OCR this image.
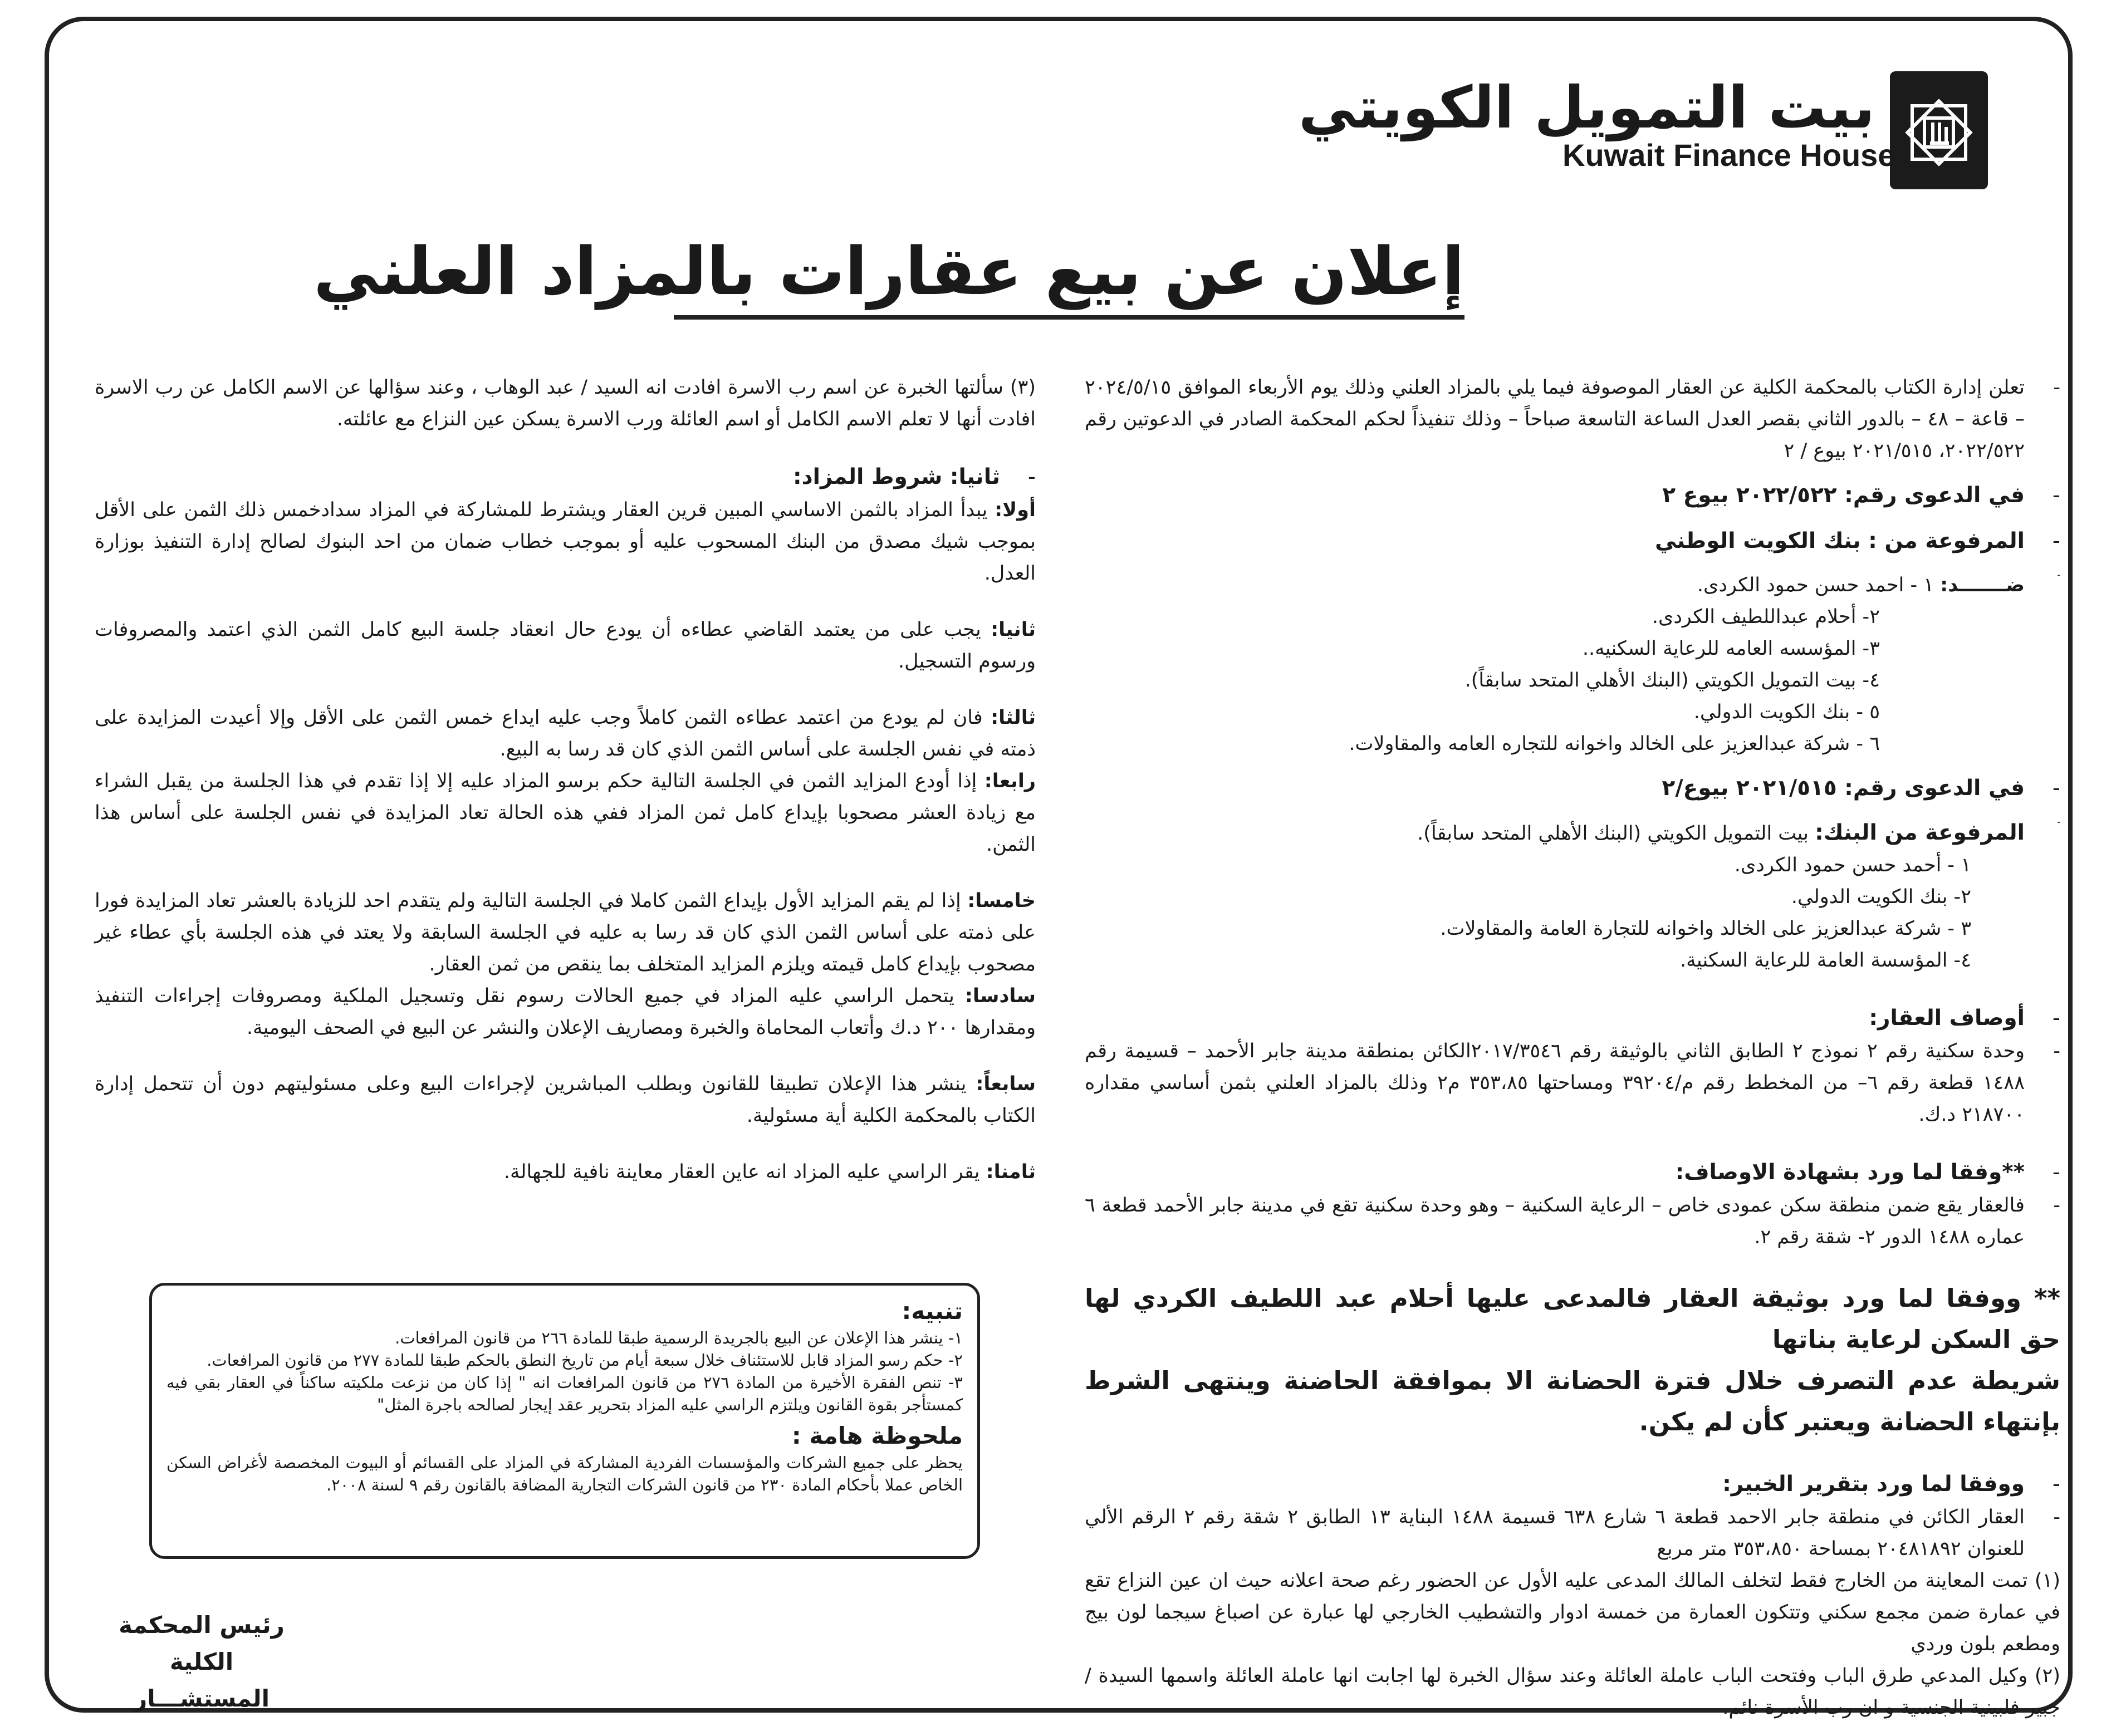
بيت التمويل الكويتي
Kuwait Finance House
إعلان عن بيع عقارات بالمزاد العلني

- تعلن إدارة الكتاب بالمحكمة الكلية عن العقار الموصوفة فيما يلي بالمزاد العلني وذلك يوم الأربعاء الموافق ٢٠٢٤/٥/١٥ – قاعة – ٤٨ – بالدور الثاني بقصر العدل الساعة التاسعة صباحاً – وذلك تنفيذاً لحكم المحكمة الصادر في الدعوتين رقم ٢٠٢٢/٥٢٢، ٢٠٢١/٥١٥ بيوع / ٢

- في الدعوى رقم: ٢٠٢٢/٥٢٢ بيوع ٢

- المرفوعة من : بنك الكويت الوطني

- ضـــــــد: ١ - احمد حسن حمود الكردى.

٢- أحلام عبداللطيف الكردى.

٣- المؤسسه العامه للرعاية السكنيه..

٤- بيت التمويل الكويتي (البنك الأهلي المتحد سابقاً).

٥ - بنك الكويت الدولي.

٦ - شركة عبدالعزيز على الخالد واخوانه للتجاره العامه والمقاولات.

- في الدعوى رقم: ٢٠٢١/٥١٥ بيوع/٢

- المرفوعة من البنك: بيت التمويل الكويتي (البنك الأهلي المتحد سابقاً).

١ - أحمد حسن حمود الكردى.

٢- بنك الكويت الدولي.

٣ - شركة عبدالعزيز على الخالد واخوانه للتجارة العامة والمقاولات.

٤- المؤسسة العامة للرعاية السكنية.

- أوصاف العقار:

- وحدة سكنية رقم ٢ نموذج ٢ الطابق الثاني بالوثيقة رقم ٢٠١٧/٣٥٤٦الكائن بمنطقة مدينة جابر الأحمد – قسيمة رقم ١٤٨٨ قطعة رقم ٦– من المخطط رقم م/٣٩٢٠٤ ومساحتها ٣٥٣،٨٥ م٢ وذلك بالمزاد العلني بثمن أساسي مقداره ٢١٨٧٠٠ د.ك.

- **وفقا لما ورد بشهادة الاوصاف:

- فالعقار يقع ضمن منطقة سكن عمودى خاص – الرعاية السكنية – وهو وحدة سكنية تقع في مدينة جابر الأحمد قطعة ٦ عماره ١٤٨٨ الدور ٢- شقة رقم ٢.

** ووفقا لما ورد بوثيقة العقار فالمدعى عليها أحلام عبد اللطيف الكردي لها حق السكن لرعاية بناتها

شريطة عدم التصرف خلال فترة الحضانة الا بموافقة الحاضنة وينتهى الشرط بإنتهاء الحضانة ويعتبر كأن لم يكن.

- ووفقا لما ورد بتقرير الخبير:

- العقار الكائن في منطقة جابر الاحمد قطعة ٦ شارع ٦٣٨ قسيمة ١٤٨٨ البناية ١٣ الطابق ٢ شقة رقم ٢ الرقم الألي للعنوان ٢٠٤٨١٨٩٢ بمساحة ٣٥٣،٨٥٠ متر مربع

(١) تمت المعاينة من الخارج فقط لتخلف المالك المدعى عليه الأول عن الحضور رغم صحة اعلانه حيث ان عين النزاع تقع في عمارة ضمن مجمع سكني وتتكون العمارة من خمسة ادوار والتشطيب الخارجي لها عبارة عن اصباغ سيجما لون بيج ومطعم بلون وردي

(٢) وكيل المدعي طرق الباب وفتحت الباب عاملة العائلة وعند سؤال الخبرة لها اجابت انها عاملة العائلة واسمها السيدة / جبير فلبينية الجنسية و ان رب الأسرة نائم.

(٣) سألتها الخبرة عن اسم رب الاسرة افادت انه السيد / عبد الوهاب ، وعند سؤالها عن الاسم الكامل عن رب الاسرة افادت أنها لا تعلم الاسم الكامل أو اسم العائلة ورب الاسرة يسكن عين النزاع مع عائلته.

- ثانيا: شروط المزاد:

أولا: يبدأ المزاد بالثمن الاساسي المبين قرين العقار ويشترط للمشاركة في المزاد سدادخمس ذلك الثمن على الأقل بموجب شيك مصدق من البنك المسحوب عليه أو بموجب خطاب ضمان من احد البنوك لصالح إدارة التنفيذ بوزارة العدل.

ثانيا: يجب على من يعتمد القاضي عطاءه أن يودع حال انعقاد جلسة البيع كامل الثمن الذي اعتمد والمصروفات ورسوم التسجيل.

ثالثا: فان لم يودع من اعتمد عطاءه الثمن كاملاً وجب عليه ايداع خمس الثمن على الأقل وإلا أعيدت المزايدة على ذمته في نفس الجلسة على أساس الثمن الذي كان قد رسا به البيع.

رابعا: إذا أودع المزايد الثمن في الجلسة التالية حكم برسو المزاد عليه إلا إذا تقدم في هذا الجلسة من يقبل الشراء مع زيادة العشر مصحوبا بإيداع كامل ثمن المزاد ففي هذه الحالة تعاد المزايدة في نفس الجلسة على أساس هذا الثمن.

خامسا: إذا لم يقم المزايد الأول بإيداع الثمن كاملا في الجلسة التالية ولم يتقدم احد للزيادة بالعشر تعاد المزايدة فورا على ذمته على أساس الثمن الذي كان قد رسا به عليه في الجلسة السابقة ولا يعتد في هذه الجلسة بأي عطاء غير مصحوب بإيداع كامل قيمته ويلزم المزايد المتخلف بما ينقص من ثمن العقار.

سادسا: يتحمل الراسي عليه المزاد في جميع الحالات رسوم نقل وتسجيل الملكية ومصروفات إجراءات التنفيذ ومقدارها ٢٠٠ د.ك وأتعاب المحاماة والخبرة ومصاريف الإعلان والنشر عن البيع في الصحف اليومية.

سابعاً: ينشر هذا الإعلان تطبيقا للقانون وبطلب المباشرين لإجراءات البيع وعلى مسئوليتهم دون أن تتحمل إدارة الكتاب بالمحكمة الكلية أية مسئولية.

ثامنا: يقر الراسي عليه المزاد انه عاين العقار معاينة نافية للجهالة.

تنبيه:

١- ينشر هذا الإعلان عن البيع بالجريدة الرسمية طبقا للمادة ٢٦٦ من قانون المرافعات.

٢- حكم رسو المزاد قابل للاستئناف خلال سبعة أيام من تاريخ النطق بالحكم طبقا للمادة ٢٧٧ من قانون المرافعات.

٣- تنص الفقرة الأخيرة من المادة ٢٧٦ من قانون المرافعات انه " إذا كان من نزعت ملكيته ساكناً في العقار بقي فيه كمستأجر بقوة القانون ويلتزم الراسي عليه المزاد بتحرير عقد إيجار لصالحه باجرة المثل"

ملحوظة هامة :

يحظر على جميع الشركات والمؤسسات الفردية المشاركة في المزاد على القسائم أو البيوت المخصصة لأغراض السكن الخاص عملا بأحكام المادة ٢٣٠ من قانون الشركات التجارية المضافة بالقانون رقم ٩ لسنة ٢٠٠٨.

رئيس المحكمة الكلية
المستشـــار
